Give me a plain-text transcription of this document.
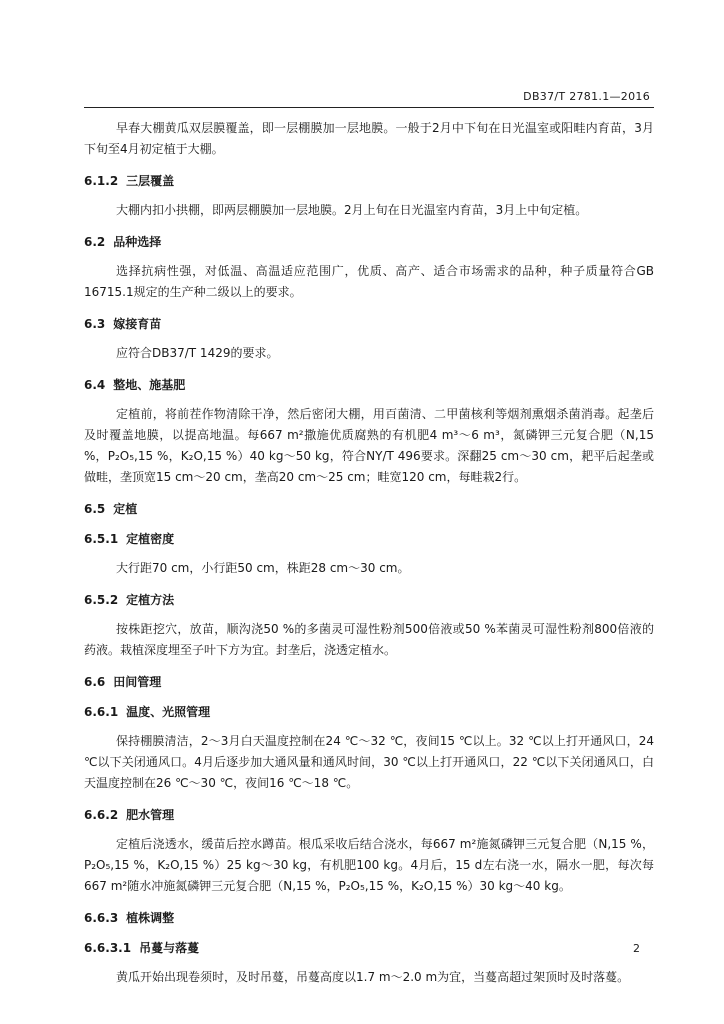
DB37/T 2781.1—2016

早春大棚黄瓜双层膜覆盖，即一层棚膜加一层地膜。一般于2月中下旬在日光温室或阳畦内育苗，3月下旬至4月初定植于大棚。

6.1.2 三层覆盖

大棚内扣小拱棚，即两层棚膜加一层地膜。2月上旬在日光温室内育苗，3月上中旬定植。

6.2 品种选择

选择抗病性强，对低温、高温适应范围广，优质、高产、适合市场需求的品种，种子质量符合GB 16715.1规定的生产种二级以上的要求。

6.3 嫁接育苗

应符合DB37/T 1429的要求。

6.4 整地、施基肥

定植前，将前茬作物清除干净，然后密闭大棚，用百菌清、二甲菌核利等烟剂熏烟杀菌消毒。起垄后及时覆盖地膜，以提高地温。每667 m²撒施优质腐熟的有机肥4 m³～6 m³，氮磷钾三元复合肥（N,15 %，P₂O₅,15 %，K₂O,15 %）40 kg～50 kg，符合NY/T 496要求。深翻25 cm～30 cm，耙平后起垄或做畦，垄顶宽15 cm～20 cm，垄高20 cm～25 cm；畦宽120 cm，每畦栽2行。

6.5 定植

6.5.1 定植密度

大行距70 cm，小行距50 cm，株距28 cm～30 cm。

6.5.2 定植方法

按株距挖穴，放苗，顺沟浇50 %的多菌灵可湿性粉剂500倍液或50 %苯菌灵可湿性粉剂800倍液的药液。栽植深度埋至子叶下方为宜。封垄后，浇透定植水。

6.6 田间管理

6.6.1 温度、光照管理

保持棚膜清洁，2～3月白天温度控制在24 ℃～32 ℃，夜间15 ℃以上。32 ℃以上打开通风口，24 ℃以下关闭通风口。4月后逐步加大通风量和通风时间，30 ℃以上打开通风口，22 ℃以下关闭通风口，白天温度控制在26 ℃～30 ℃，夜间16 ℃～18 ℃。

6.6.2 肥水管理

定植后浇透水，缓苗后控水蹲苗。根瓜采收后结合浇水，每667 m²施氮磷钾三元复合肥（N,15 %，P₂O₅,15 %，K₂O,15 %）25 kg～30 kg，有机肥100 kg。4月后，15 d左右浇一水，隔水一肥，每次每667 m²随水冲施氮磷钾三元复合肥（N,15 %，P₂O₅,15 %，K₂O,15 %）30 kg～40 kg。

6.6.3 植株调整

6.6.3.1 吊蔓与落蔓

黄瓜开始出现卷须时，及时吊蔓，吊蔓高度以1.7 m～2.0 m为宜，当蔓高超过架顶时及时落蔓。

2
